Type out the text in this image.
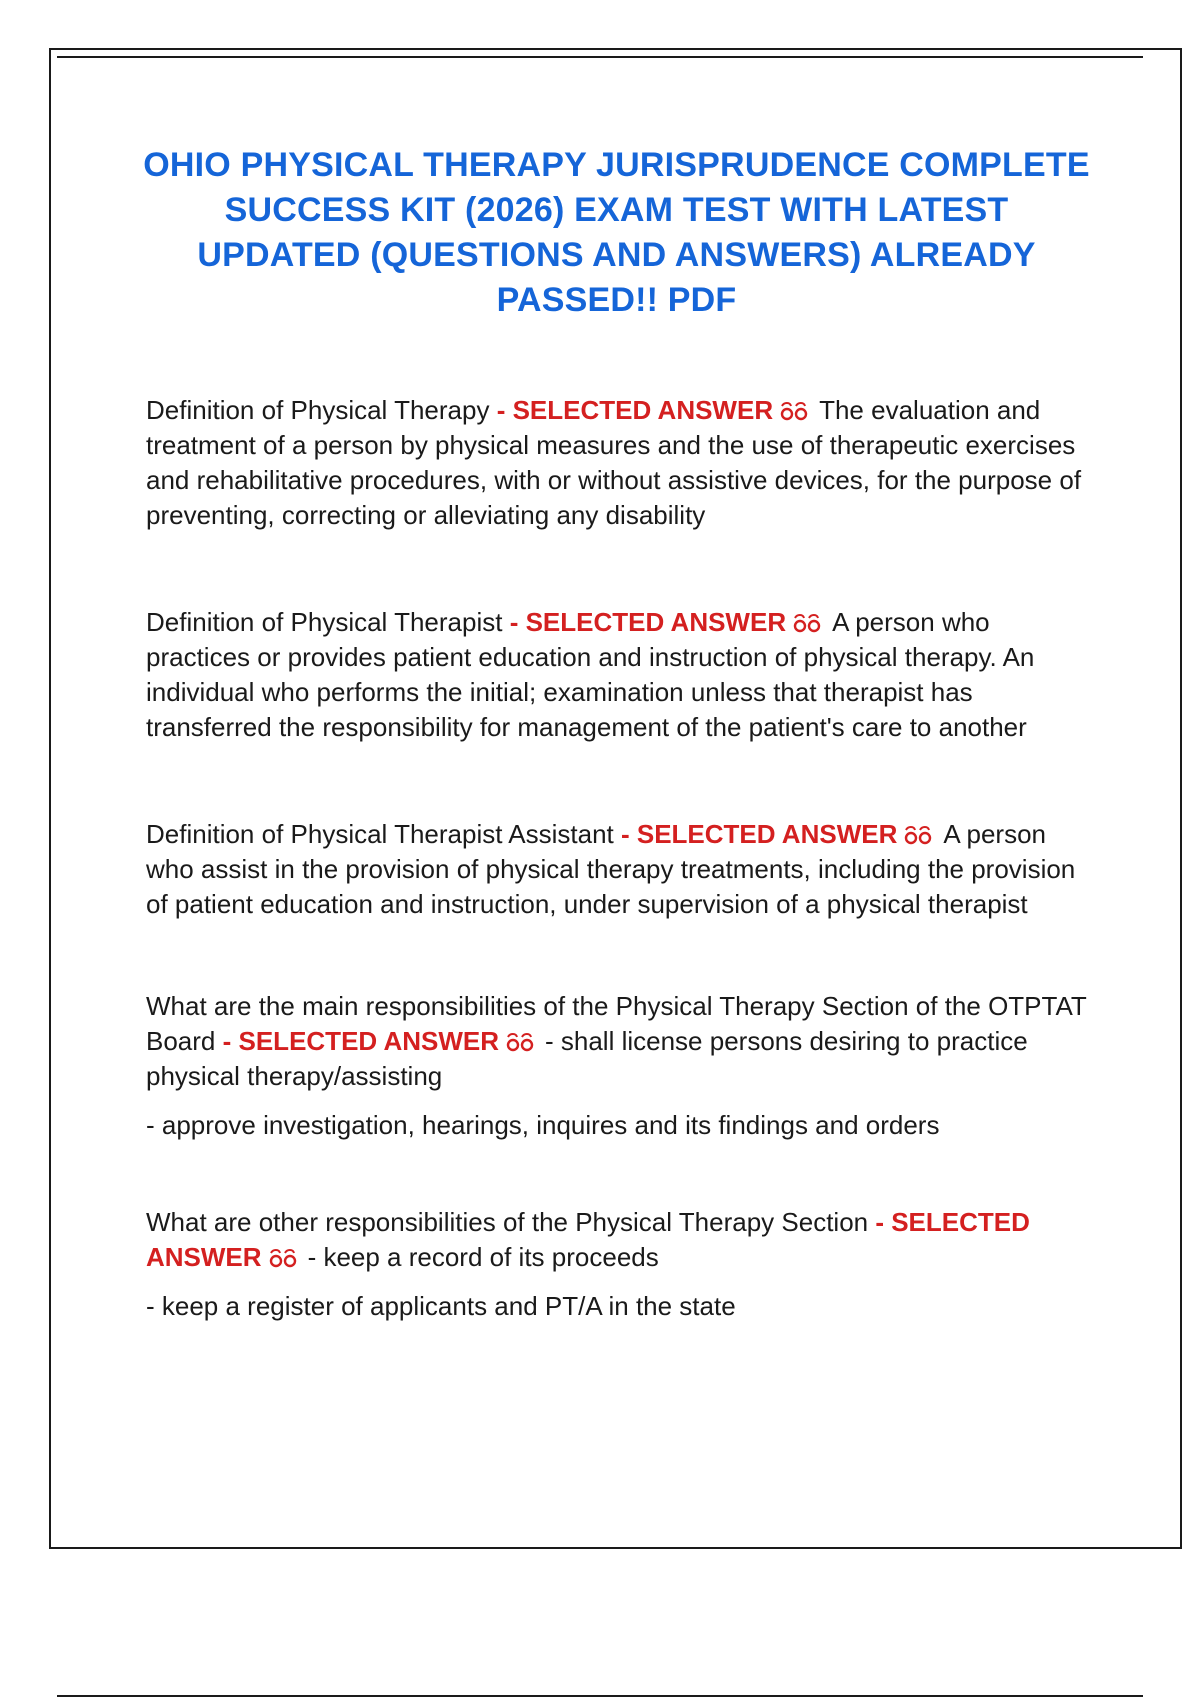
OHIO PHYSICAL THERAPY JURISPRUDENCE COMPLETE SUCCESS KIT (2026) EXAM TEST WITH LATEST UPDATED (QUESTIONS AND ANSWERS) ALREADY PASSED!! PDF

Definition of Physical Therapy - SELECTED ANSWER The evaluation and treatment of a person by physical measures and the use of therapeutic exercises and rehabilitative procedures, with or without assistive devices, for the purpose of preventing, correcting or alleviating any disability

Definition of Physical Therapist - SELECTED ANSWER A person who practices or provides patient education and instruction of physical therapy. An individual who performs the initial; examination unless that therapist has transferred the responsibility for management of the patient's care to another

Definition of Physical Therapist Assistant - SELECTED ANSWER A person who assist in the provision of physical therapy treatments, including the provision of patient education and instruction, under supervision of a physical therapist

What are the main responsibilities of the Physical Therapy Section of the OTPTAT Board - SELECTED ANSWER - shall license persons desiring to practice physical therapy/assisting

- approve investigation, hearings, inquires and its findings and orders

What are other responsibilities of the Physical Therapy Section - SELECTED ANSWER - keep a record of its proceeds

- keep a register of applicants and PT/A in the state
